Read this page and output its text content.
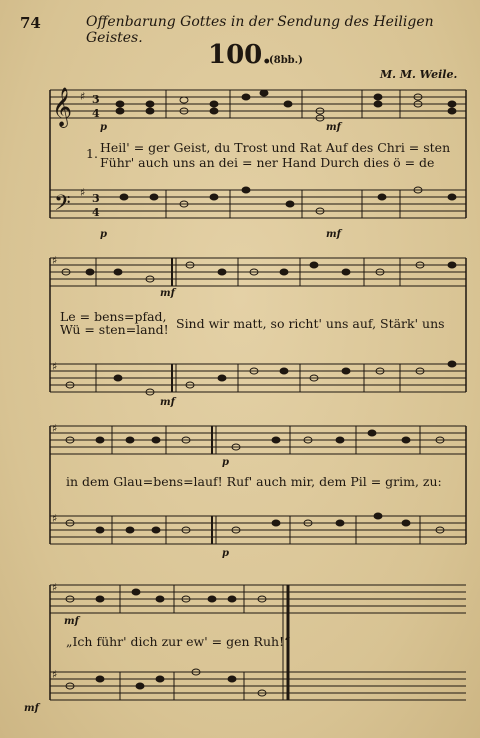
74	Offenbarung Gottes in der Sendung des Heiligen Geistes.
100.
(8bb.)
M. M. Weile.
𝄞
𝄢
♯
♯
3
4
3
4
♯
♯
♯
♯
♯
♯
p	mf
p	mf
mf
mf
p
p
mf
mf
1. Heil' = ger Geist, du Trost und Rat Auf des Chri = sten
Führ' auch uns an dei = ner Hand Durch dies ö = de
Le = bens=pfad,
Wü = sten=land! Sind wir matt, so richt' uns auf, Stärk' uns
in dem Glau=bens=lauf! Ruf' auch mir, dem Pil = grim, zu:
„Ich führ' dich zur ew' = gen Ruh!“
